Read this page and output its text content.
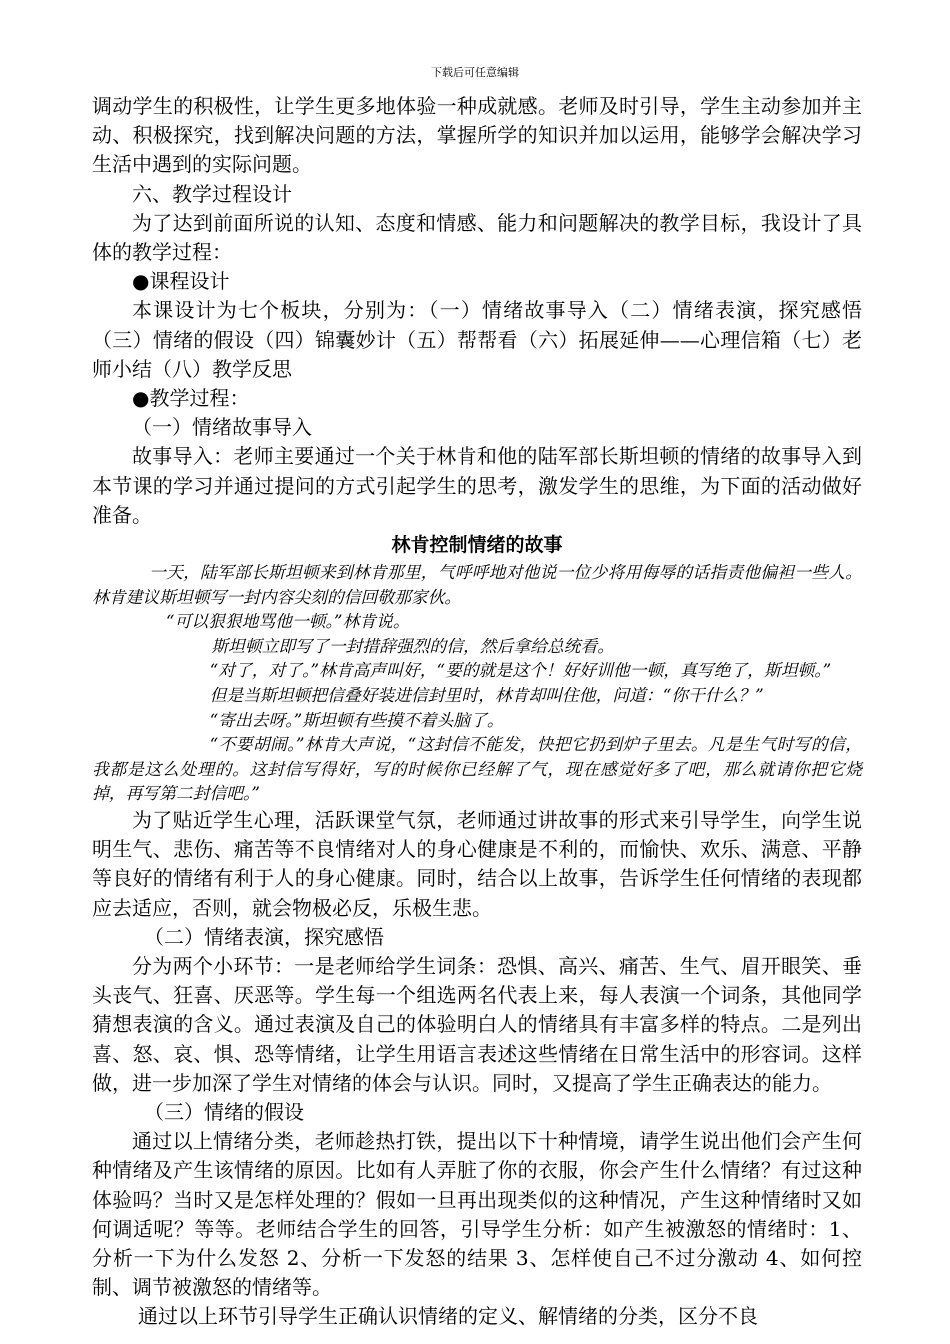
下载后可任意编辑

调动学生的积极性，让学生更多地体验一种成就感。老师及时引导，学生主动参加并主动、积极探究，找到解决问题的方法，掌握所学的知识并加以运用，能够学会解决学习生活中遇到的实际问题。

六、教学过程设计

为了达到前面所说的认知、态度和情感、能力和问题解决的教学目标，我设计了具体的教学过程：

●课程设计

本课设计为七个板块，分别为：（一）情绪故事导入（二）情绪表演，探究感悟（三）情绪的假设（四）锦囊妙计（五）帮帮看（六）拓展延伸——心理信箱（七）老师小结（八）教学反思

●教学过程：

（一）情绪故事导入

故事导入：老师主要通过一个关于林肯和他的陆军部长斯坦顿的情绪的故事导入到本节课的学习并通过提问的方式引起学生的思考，激发学生的思维，为下面的活动做好准备。

林肯控制情绪的故事

一天，陆军部长斯坦顿来到林肯那里，气呼呼地对他说一位少将用侮辱的话指责他偏袒一些人。林肯建议斯坦顿写一封内容尖刻的信回敬那家伙。

“可以狠狠地骂他一顿。”林肯说。

斯坦顿立即写了一封措辞强烈的信，然后拿给总统看。

“对了，对了。”林肯高声叫好，“要的就是这个！好好训他一顿，真写绝了，斯坦顿。”

但是当斯坦顿把信叠好装进信封里时，林肯却叫住他，问道：“你干什么？”

“寄出去呀。”斯坦顿有些摸不着头脑了。

“不要胡闹。”林肯大声说，“这封信不能发，快把它扔到炉子里去。凡是生气时写的信，我都是这么处理的。这封信写得好，写的时候你已经解了气，现在感觉好多了吧，那么就请你把它烧掉，再写第二封信吧。”

为了贴近学生心理，活跃课堂气氛，老师通过讲故事的形式来引导学生，向学生说明生气、悲伤、痛苦等不良情绪对人的身心健康是不利的，而愉快、欢乐、满意、平静等良好的情绪有利于人的身心健康。同时，结合以上故事，告诉学生任何情绪的表现都应去适应，否则，就会物极必反，乐极生悲。

（二）情绪表演，探究感悟

分为两个小环节：一是老师给学生词条：恐惧、高兴、痛苦、生气、眉开眼笑、垂头丧气、狂喜、厌恶等。学生每一个组选两名代表上来，每人表演一个词条，其他同学猜想表演的含义。通过表演及自己的体验明白人的情绪具有丰富多样的特点。二是列出喜、怒、哀、惧、恐等情绪，让学生用语言表述这些情绪在日常生活中的形容词。这样做，进一步加深了学生对情绪的体会与认识。同时，又提高了学生正确表达的能力。

（三）情绪的假设

通过以上情绪分类，老师趁热打铁，提出以下十种情境，请学生说出他们会产生何种情绪及产生该情绪的原因。比如有人弄脏了你的衣服，你会产生什么情绪？有过这种体验吗？当时又是怎样处理的？假如一旦再出现类似的这种情况，产生这种情绪时又如何调适呢？等等。老师结合学生的回答，引导学生分析：如产生被激怒的情绪时：1、分析一下为什么发怒 2、分析一下发怒的结果 3、怎样使自己不过分激动 4、如何控制、调节被激怒的情绪等。

通过以上环节引导学生正确认识情绪的定义、解情绪的分类，区分不良
